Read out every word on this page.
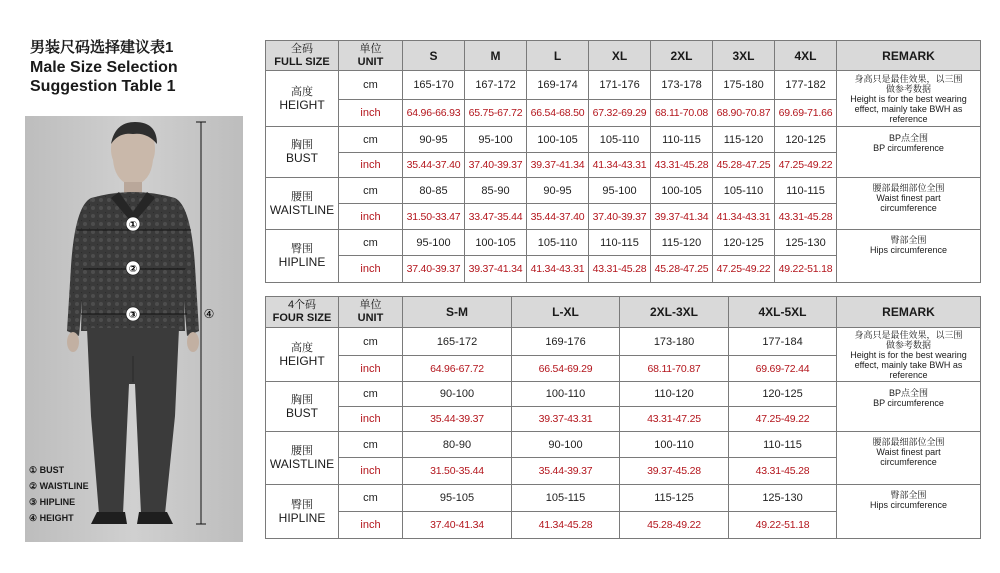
男装尺码选择建议表1
Male Size Selection
Suggestion Table 1
①
②
③	④
① BUST
② WAISTLINE
③ HIPLINE
④ HEIGHT
全码
FULL SIZE	单位
UNIT	S	M	L	XL	2XL	3XL	4XL	REMARK

高度
HEIGHT	cm	165-170	167-172	169-174	171-176	173-178	175-180	177-182	身高只是最佳效果，以三围
做参考数据
Height is for the best wearing
effect, mainly take BWH as
reference

	inch	64.96-66.93	65.75-67.72	66.54-68.50	67.32-69.29	68.11-70.08	68.90-70.87	69.69-71.66	

胸围
BUST	cm	90-95	95-100	100-105	105-110	110-115	115-120	120-125	BP点全围
BP circumference

	inch	35.44-37.40	37.40-39.37	39.37-41.34	41.34-43.31	43.31-45.28	45.28-47.25	47.25-49.22	

腰围
WAISTLINE	cm	80-85	85-90	90-95	95-100	100-105	105-110	110-115	腰部最细部位全围
Waist finest part
circumference

	inch	31.50-33.47	33.47-35.44	35.44-37.40	37.40-39.37	39.37-41.34	41.34-43.31	43.31-45.28	

臀围
HIPLINE	cm	95-100	100-105	105-110	110-115	115-120	120-125	125-130	臀部全围
Hips circumference

	inch	37.40-39.37	39.37-41.34	41.34-43.31	43.31-45.28	45.28-47.25	47.25-49.22	49.22-51.18	
4个码
FOUR SIZE	单位
UNIT	S-M	L-XL	2XL-3XL	4XL-5XL	REMARK

高度
HEIGHT	cm	165-172	169-176	173-180	177-184	身高只是最佳效果，以三围
做参考数据
Height is for the best wearing
effect, mainly take BWH as
reference

	inch	64.96-67.72	66.54-69.29	68.11-70.87	69.69-72.44	

胸围
BUST	cm	90-100	100-110	110-120	120-125	BP点全围
BP circumference

	inch	35.44-39.37	39.37-43.31	43.31-47.25	47.25-49.22	

腰围
WAISTLINE	cm	80-90	90-100	100-110	110-115	腰部最细部位全围
Waist finest part
circumference

	inch	31.50-35.44	35.44-39.37	39.37-45.28	43.31-45.28	

臀围
HIPLINE	cm	95-105	105-115	115-125	125-130	臀部全围
Hips circumference

	inch	37.40-41.34	41.34-45.28	45.28-49.22	49.22-51.18	
